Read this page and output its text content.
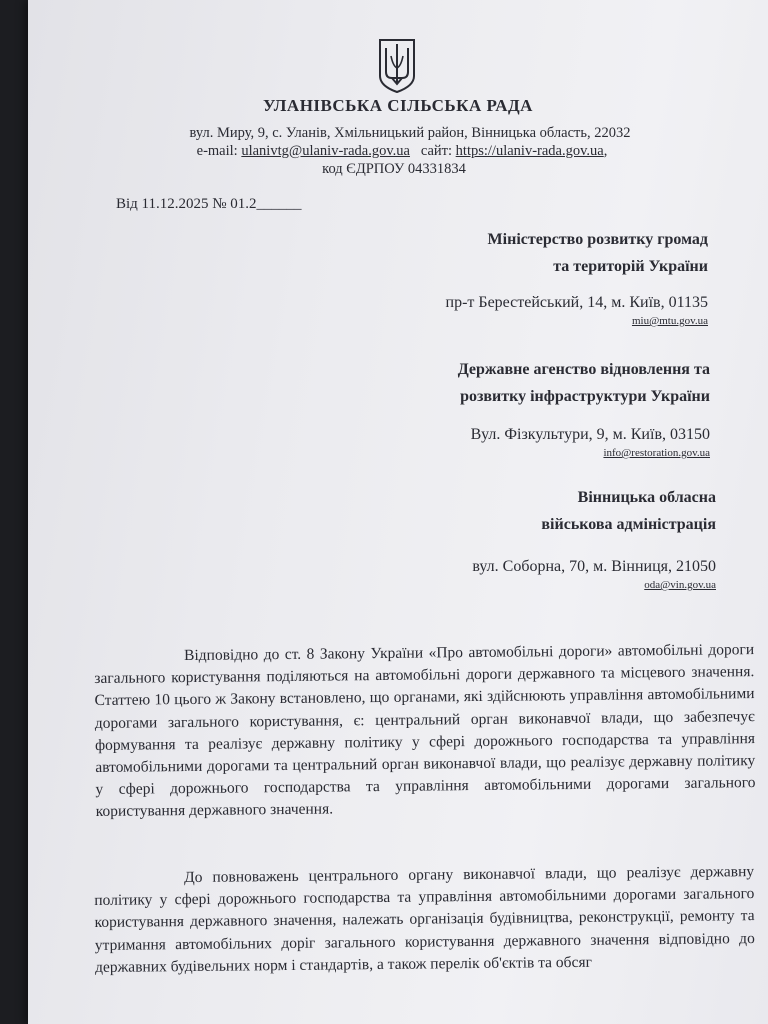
УЛАНІВСЬКА СІЛЬСЬКА РАДА
вул. Миру, 9, с. Уланів, Хмільницький район, Вінницька область, 22032
e-mail: ulanivtg@ulaniv-rada.gov.ua сайт: https://ulaniv-rada.gov.ua,
код ЄДРПОУ 04331834
Від 11.12.2025 № 01.2______
Міністерство розвитку громад
та територій України
пр-т Берестейський, 14, м. Київ, 01135
miu@mtu.gov.ua
Державне агенство відновлення та
розвитку інфраструктури України
Вул. Фізкультури, 9, м. Київ, 03150
info@restoration.gov.ua
Вінницька обласна
військова адміністрація
вул. Соборна, 70, м. Вінниця, 21050
oda@vin.gov.ua
Відповідно до ст. 8 Закону України «Про автомобільні дороги» автомобільні дороги загального користування поділяються на автомобільні дороги державного та місцевого значення. Статтею 10 цього ж Закону встановлено, що органами, які здійснюють управління автомобільними дорогами загального користування, є: центральний орган виконавчої влади, що забезпечує формування та реалізує державну політику у сфері дорожнього господарства та управління автомобільними дорогами та центральний орган виконавчої влади, що реалізує державну політику у сфері дорожнього господарства та управління автомобільними дорогами загального користування державного значення.
До повноважень центрального органу виконавчої влади, що реалізує державну політику у сфері дорожнього господарства та управління автомобільними дорогами загального користування державного значення, належать організація будівництва, реконструкції, ремонту та утримання автомобільних доріг загального користування державного значення відповідно до державних будівельних норм і стандартів, а також перелік об'єктів та обсяг
